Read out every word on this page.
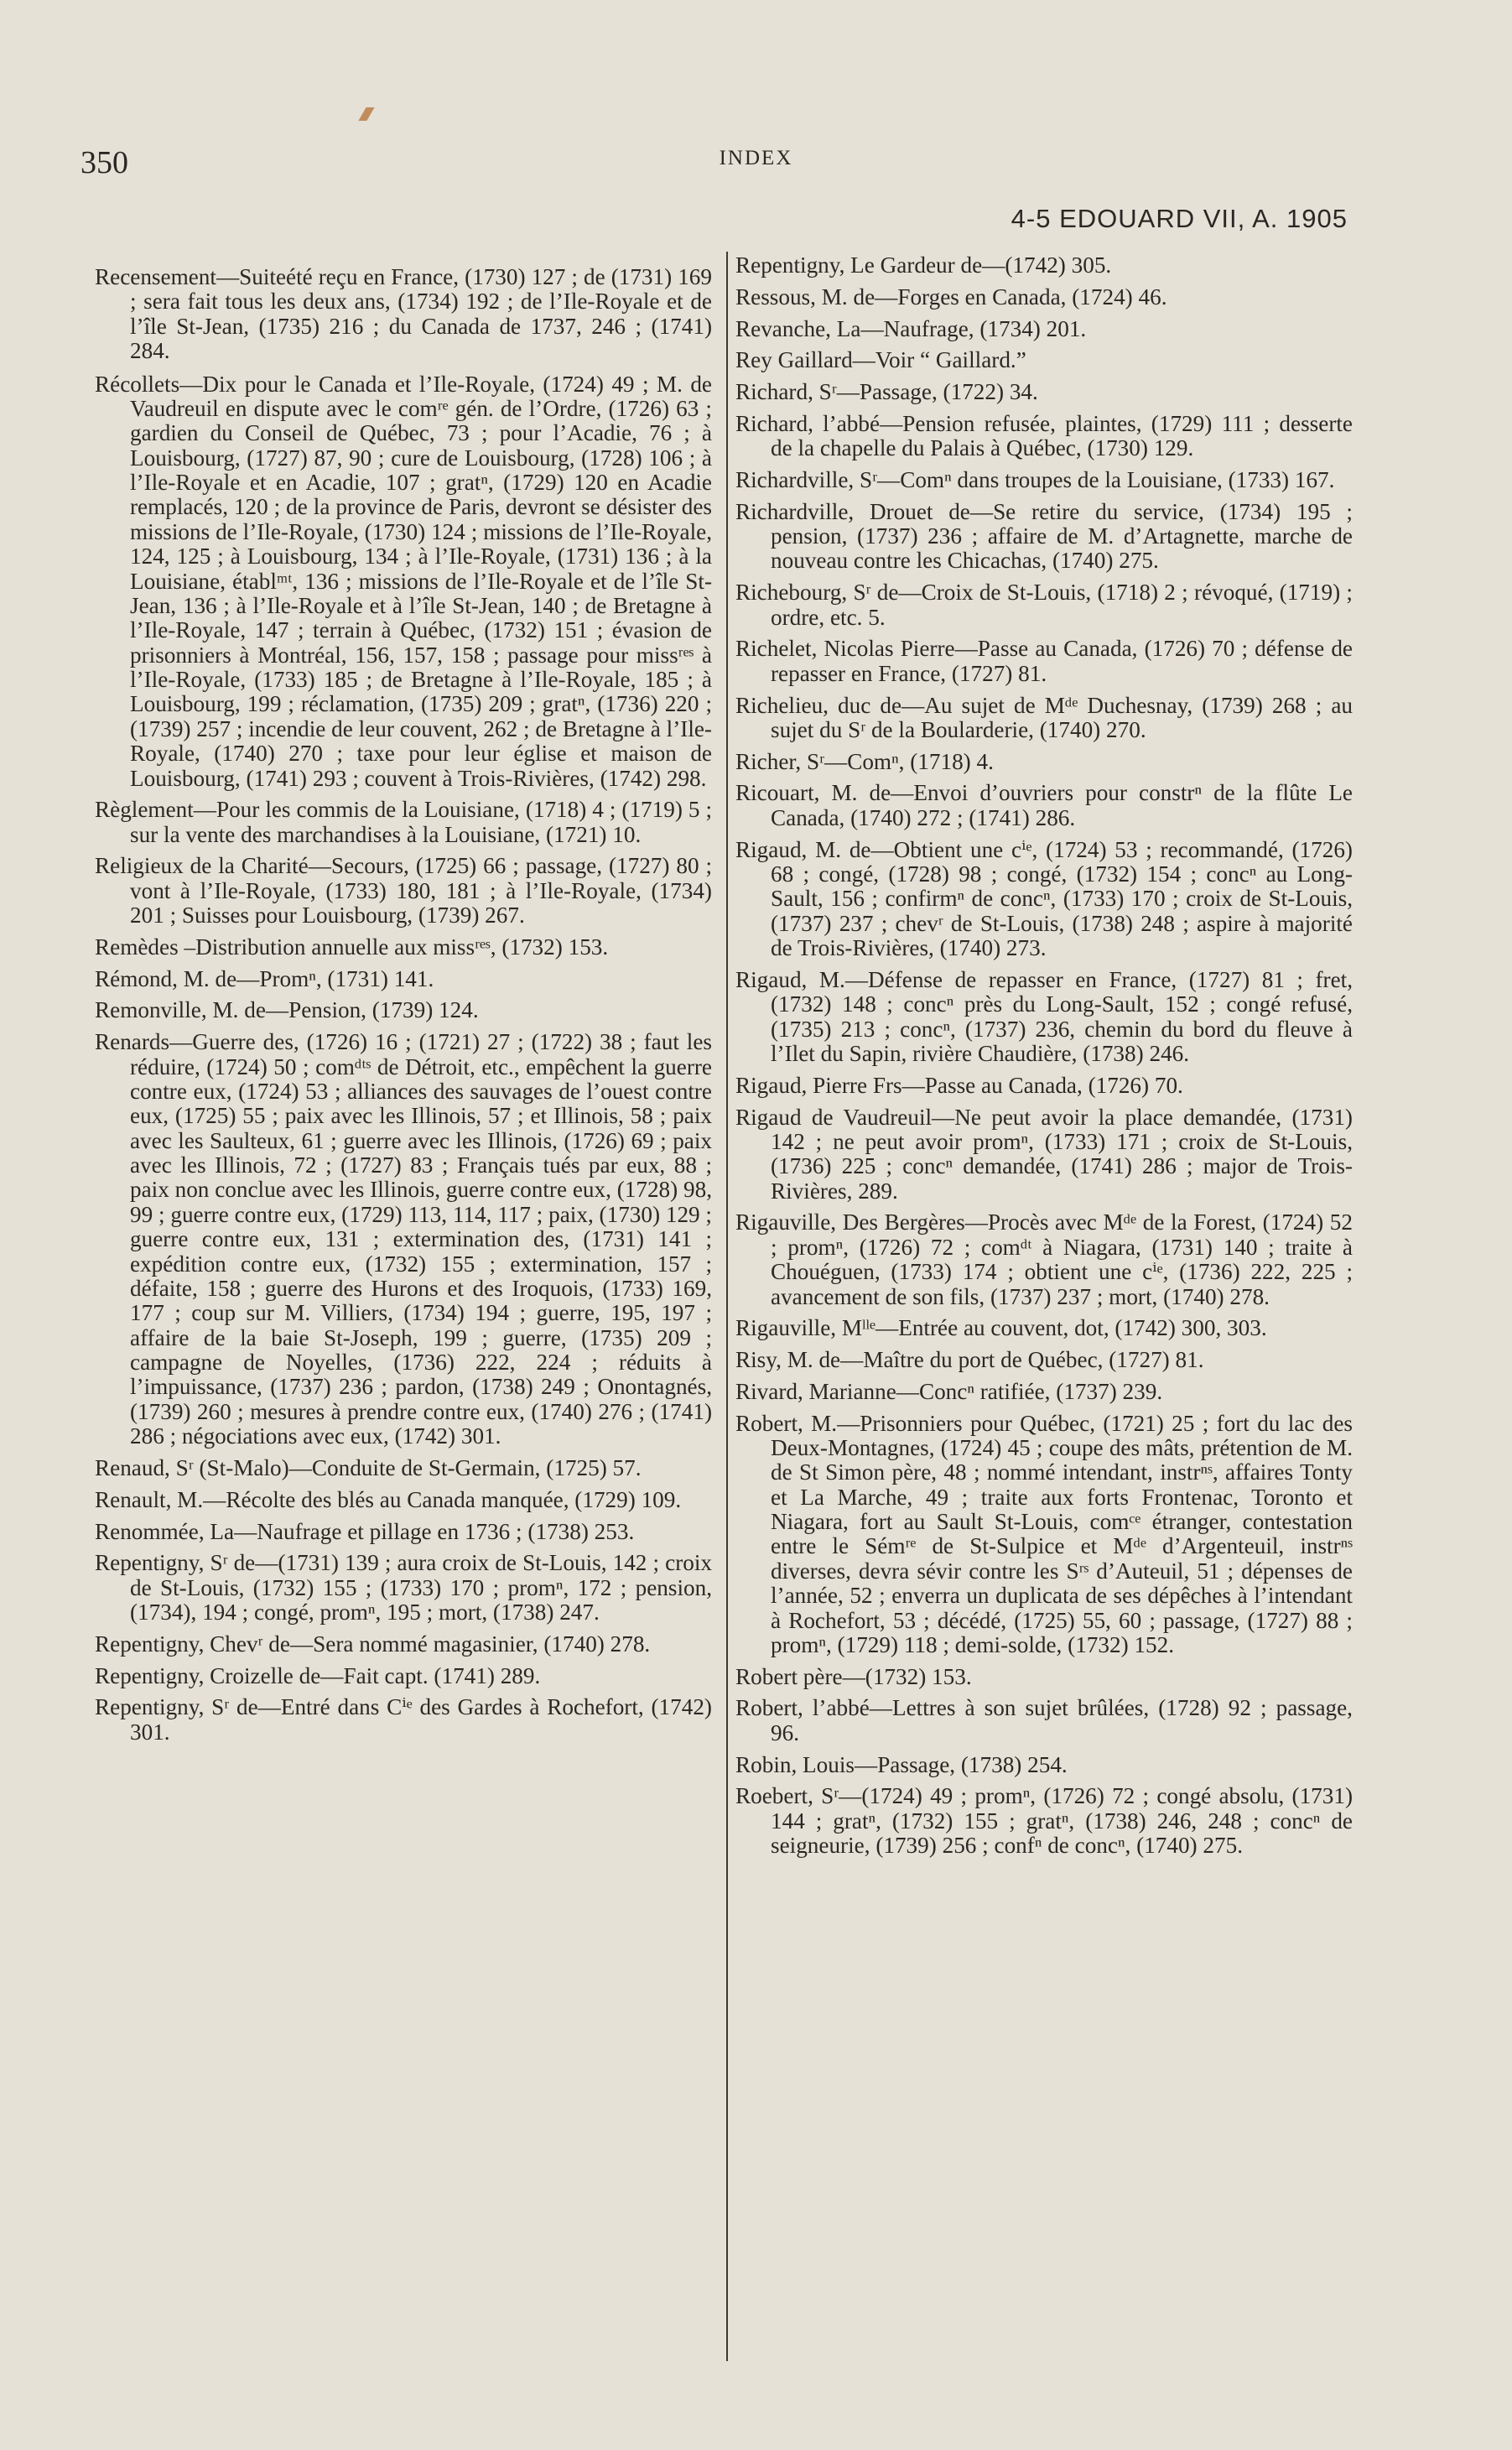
350	INDEX
4-5 EDOUARD VII, A. 1905

Recensement—Suiteété reçu en France, (1730) 127 ; de (1731) 169 ; sera fait tous les deux ans, (1734) 192 ; de l’Ile-Royale et de l’île St-Jean, (1735) 216 ; du Canada de 1737, 246 ; (1741) 284.

Récollets—Dix pour le Canada et l’Ile-Royale, (1724) 49 ; M. de Vaudreuil en dispute avec le comʳᵉ gén. de l’Ordre, (1726) 63 ; gardien du Conseil de Québec, 73 ; pour l’Acadie, 76 ; à Louisbourg, (1727) 87, 90 ; cure de Louisbourg, (1728) 106 ; à l’Ile-Royale et en Acadie, 107 ; gratⁿ, (1729) 120 en Acadie remplacés, 120 ; de la province de Paris, devront se désister des missions de l’Ile-Royale, (1730) 124 ; missions de l’Ile-Royale, 124, 125 ; à Louisbourg, 134 ; à l’Ile-Royale, (1731) 136 ; à la Louisiane, établᵐᵗ, 136 ; missions de l’Ile-Royale et de l’île St-Jean, 136 ; à l’Ile-Royale et à l’île St-Jean, 140 ; de Bretagne à l’Ile-Royale, 147 ; terrain à Québec, (1732) 151 ; évasion de prisonniers à Montréal, 156, 157, 158 ; passage pour missʳᵉˢ à l’Ile-Royale, (1733) 185 ; de Bretagne à l’Ile-Royale, 185 ; à Louisbourg, 199 ; réclamation, (1735) 209 ; gratⁿ, (1736) 220 ; (1739) 257 ; incendie de leur couvent, 262 ; de Bretagne à l’Ile-Royale, (1740) 270 ; taxe pour leur église et maison de Louisbourg, (1741) 293 ; couvent à Trois-Rivières, (1742) 298.

Règlement—Pour les commis de la Louisiane, (1718) 4 ; (1719) 5 ; sur la vente des marchandises à la Louisiane, (1721) 10.

Religieux de la Charité—Secours, (1725) 66 ; passage, (1727) 80 ; vont à l’Ile-Royale, (1733) 180, 181 ; à l’Ile-Royale, (1734) 201 ; Suisses pour Louisbourg, (1739) 267.

Remèdes –Distribution annuelle aux missʳᵉˢ, (1732) 153.

Rémond, M. de—Promⁿ, (1731) 141.

Remonville, M. de—Pension, (1739) 124.

Renards—Guerre des, (1726) 16 ; (1721) 27 ; (1722) 38 ; faut les réduire, (1724) 50 ; comᵈᵗˢ de Détroit, etc., empêchent la guerre contre eux, (1724) 53 ; alliances des sauvages de l’ouest contre eux, (1725) 55 ; paix avec les Illinois, 57 ; et Illinois, 58 ; paix avec les Saulteux, 61 ; guerre avec les Illinois, (1726) 69 ; paix avec les Illinois, 72 ; (1727) 83 ; Français tués par eux, 88 ; paix non conclue avec les Illinois, guerre contre eux, (1728) 98, 99 ; guerre contre eux, (1729) 113, 114, 117 ; paix, (1730) 129 ; guerre contre eux, 131 ; extermination des, (1731) 141 ; expédition contre eux, (1732) 155 ; extermination, 157 ; défaite, 158 ; guerre des Hurons et des Iroquois, (1733) 169, 177 ; coup sur M. Villiers, (1734) 194 ; guerre, 195, 197 ; affaire de la baie St-Joseph, 199 ; guerre, (1735) 209 ; campagne de Noyelles, (1736) 222, 224 ; réduits à l’impuissance, (1737) 236 ; pardon, (1738) 249 ; Onontagnés, (1739) 260 ; mesures à prendre contre eux, (1740) 276 ; (1741) 286 ; négociations avec eux, (1742) 301.

Renaud, Sʳ (St-Malo)—Conduite de St-Germain, (1725) 57.

Renault, M.—Récolte des blés au Canada manquée, (1729) 109.

Renommée, La—Naufrage et pillage en 1736 ; (1738) 253.

Repentigny, Sʳ de—(1731) 139 ; aura croix de St-Louis, 142 ; croix de St-Louis, (1732) 155 ; (1733) 170 ; promⁿ, 172 ; pension, (1734), 194 ; congé, promⁿ, 195 ; mort, (1738) 247.

Repentigny, Chevʳ de—Sera nommé magasinier, (1740) 278.

Repentigny, Croizelle de—Fait capt. (1741) 289.

Repentigny, Sʳ de—Entré dans Cⁱᵉ des Gardes à Rochefort, (1742) 301.

Repentigny, Le Gardeur de—(1742) 305.

Ressous, M. de—Forges en Canada, (1724) 46.

Revanche, La—Naufrage, (1734) 201.

Rey Gaillard—Voir “ Gaillard.”

Richard, Sʳ—Passage, (1722) 34.

Richard, l’abbé—Pension refusée, plaintes, (1729) 111 ; desserte de la chapelle du Palais à Québec, (1730) 129.

Richardville, Sʳ—Comⁿ dans troupes de la Louisiane, (1733) 167.

Richardville, Drouet de—Se retire du service, (1734) 195 ; pension, (1737) 236 ; affaire de M. d’Artagnette, marche de nouveau contre les Chicachas, (1740) 275.

Richebourg, Sʳ de—Croix de St-Louis, (1718) 2 ; révoqué, (1719) ; ordre, etc. 5.

Richelet, Nicolas Pierre—Passe au Canada, (1726) 70 ; défense de repasser en France, (1727) 81.

Richelieu, duc de—Au sujet de Mᵈᵉ Duchesnay, (1739) 268 ; au sujet du Sʳ de la Boularderie, (1740) 270.

Richer, Sʳ—Comⁿ, (1718) 4.

Ricouart, M. de—Envoi d’ouvriers pour constrⁿ de la flûte Le Canada, (1740) 272 ; (1741) 286.

Rigaud, M. de—Obtient une cⁱᵉ, (1724) 53 ; recommandé, (1726) 68 ; congé, (1728) 98 ; congé, (1732) 154 ; concⁿ au Long-Sault, 156 ; confirmⁿ de concⁿ, (1733) 170 ; croix de St-Louis, (1737) 237 ; chevʳ de St-Louis, (1738) 248 ; aspire à majorité de Trois-Rivières, (1740) 273.

Rigaud, M.—Défense de repasser en France, (1727) 81 ; fret, (1732) 148 ; concⁿ près du Long-Sault, 152 ; congé refusé, (1735) 213 ; concⁿ, (1737) 236, chemin du bord du fleuve à l’Ilet du Sapin, rivière Chaudière, (1738) 246.

Rigaud, Pierre Frs—Passe au Canada, (1726) 70.

Rigaud de Vaudreuil—Ne peut avoir la place demandée, (1731) 142 ; ne peut avoir promⁿ, (1733) 171 ; croix de St-Louis, (1736) 225 ; concⁿ demandée, (1741) 286 ; major de Trois-Rivières, 289.

Rigauville, Des Bergères—Procès avec Mᵈᵉ de la Forest, (1724) 52 ; promⁿ, (1726) 72 ; comᵈᵗ à Niagara, (1731) 140 ; traite à Chouéguen, (1733) 174 ; obtient une cⁱᵉ, (1736) 222, 225 ; avancement de son fils, (1737) 237 ; mort, (1740) 278.

Rigauville, Mˡˡᵉ—Entrée au couvent, dot, (1742) 300, 303.

Risy, M. de—Maître du port de Québec, (1727) 81.

Rivard, Marianne—Concⁿ ratifiée, (1737) 239.

Robert, M.—Prisonniers pour Québec, (1721) 25 ; fort du lac des Deux-Montagnes, (1724) 45 ; coupe des mâts, prétention de M. de St Simon père, 48 ; nommé intendant, instrⁿˢ, affaires Tonty et La Marche, 49 ; traite aux forts Frontenac, Toronto et Niagara, fort au Sault St-Louis, comᶜᵉ étranger, contestation entre le Sémʳᵉ de St-Sulpice et Mᵈᵉ d’Argenteuil, instrⁿˢ diverses, devra sévir contre les Sʳˢ d’Auteuil, 51 ; dépenses de l’année, 52 ; enverra un duplicata de ses dépêches à l’intendant à Rochefort, 53 ; décédé, (1725) 55, 60 ; passage, (1727) 88 ; promⁿ, (1729) 118 ; demi-solde, (1732) 152.

Robert père—(1732) 153.

Robert, l’abbé—Lettres à son sujet brûlées, (1728) 92 ; passage, 96.

Robin, Louis—Passage, (1738) 254.

Roebert, Sʳ—(1724) 49 ; promⁿ, (1726) 72 ; congé absolu, (1731) 144 ; gratⁿ, (1732) 155 ; gratⁿ, (1738) 246, 248 ; concⁿ de seigneurie, (1739) 256 ; confⁿ de concⁿ, (1740) 275.
